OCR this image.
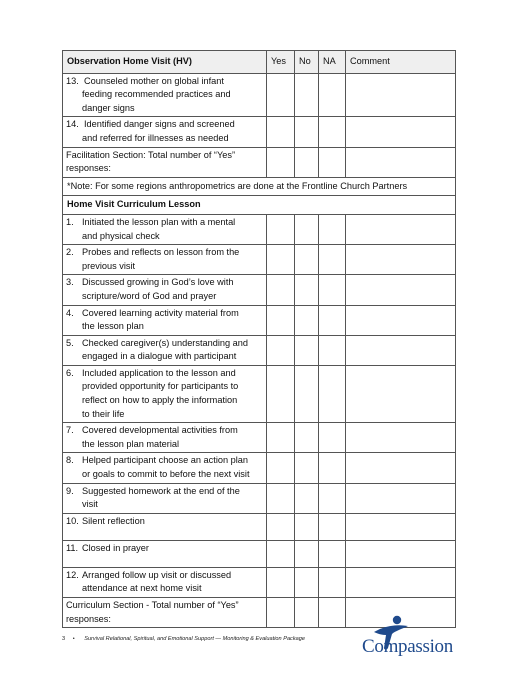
Observation Home Visit (HV)	Yes	No	NA	Comment

13. Counseled mother on global infant
feeding recommended practices and
danger signs				

14. Identified danger signs and screened
and referred for illnesses as needed				

Facilitation Section: Total number of “Yes”
responses:				

*Note: For some regions anthropometrics are done at the Frontline Church Partners				
Home Visit Curriculum Lesson				

1. Initiated the lesson plan with a mental
and physical check				

2. Probes and reflects on lesson from the
previous visit				

3. Discussed growing in God’s love with
scripture/word of God and prayer				

4. Covered learning activity material from
the lesson plan				

5. Checked caregiver(s) understanding and
engaged in a dialogue with participant				

6. Included application to the lesson and
provided opportunity for participants to
reflect on how to apply the information
to their life				

7. Covered developmental activities from
the lesson plan material				

8. Helped participant choose an action plan
or goals to commit to before the next visit				

9. Suggested homework at the end of the
visit				

10. Silent reflection				

11. Closed in prayer				

12. Arranged follow up visit or discussed
attendance at next home visit				

Curriculum Section - Total number of “Yes”
responses:				

3 • Survival Relational, Spiritual, and Emotional Support — Monitoring & Evaluation Package	Compassion
